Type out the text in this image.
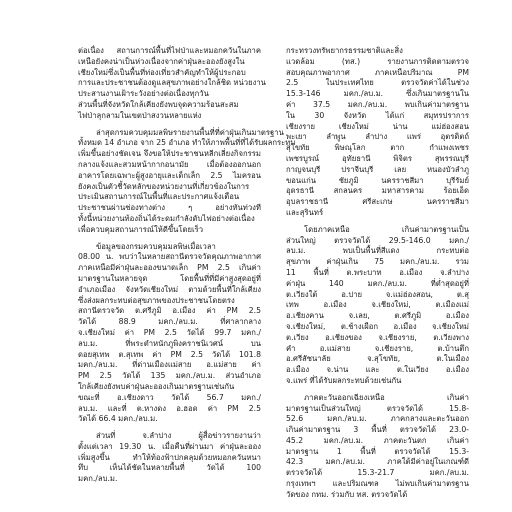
ต่อเนื่อง สถานการณ์พื้นที่ไฟป่าและหมอกควันในภาค
เหนือยังคงน่าเป็นห่วงเนื่องจากค่าฝุ่นละอองยังสูงใน
เชียงใหม่ซึ่งเป็นพื้นที่ท่องเที่ยวสำคัญทำให้ผู้ประกอบ
การและประชาชนต้องดูแลสุขภาพอย่างใกล้ชิด หน่วยงาน
ประสานงานเฝ้าระวังอย่างต่อเนื่องทุกวัน
ส่วนพื้นที่จังหวัดใกล้เคียงยังพบจุดความร้อนสะสม
ไฟป่าลุกลามในเขตป่าสงวนหลายแห่ง
ล่าสุดกรมควบคุมมลพิษรายงานพื้นที่ที่ค่าฝุ่นเกินมาตรฐาน
ทั้งหมด 14 อำเภอ จาก 25 อำเภอ ทำให้ภาพพื้นที่ที่ได้รับผลกระทบ
เพิ่มขึ้นอย่างชัดเจน จึงขอให้ประชาชนหลีกเลี่ยงกิจกรรม
กลางแจ้งและสวมหน้ากากอนามัย เมื่อต้องออกนอก
อาคารโดยเฉพาะผู้สูงอายุและเด็กเล็ก 2.5 ไมครอน
ยังคงเป็นตัวชี้วัดหลักของหน่วยงานที่เกี่ยวข้องในการ
ประเมินสถานการณ์ในพื้นที่และประกาศแจ้งเตือน
ประชาชนผ่านช่องทางต่าง ๆ อย่างทันท่วงที
ทั้งนี้หน่วยงานท้องถิ่นได้ระดมกำลังดับไฟอย่างต่อเนื่อง
เพื่อควบคุมสถานการณ์ให้ดีขึ้นโดยเร็ว
ข้อมูลของกรมควบคุมมลพิษเมื่อเวลา
08.00 น. พบว่าในหลายสถานีตรวจวัดคุณภาพอากาศ
ภาคเหนือมีค่าฝุ่นละอองขนาดเล็ก PM 2.5 เกินค่า
มาตรฐานในหลายจุด โดยพื้นที่ที่มีค่าสูงสุดอยู่ที่
อำเภอเมือง จังหวัดเชียงใหม่ ตามด้วยพื้นที่ใกล้เคียง
ซึ่งส่งผลกระทบต่อสุขภาพของประชาชนโดยตรง
สถานีตรวจวัด ต.ศรีภูมิ อ.เมือง ค่า PM 2.5
วัดได้ 88.9 มคก./ลบ.ม. ที่ศาลากลาง
จ.เชียงใหม่ ค่า PM 2.5 วัดได้ 99.7 มคก./
ลบ.ม. ที่พระตำหนักภูพิงคราชนิเวศน์ บน
ดอยสุเทพ ต.สุเทพ ค่า PM 2.5 วัดได้ 101.8
มคก./ลบ.ม. ที่ด่านเมืองแม่สาย อ.แม่สาย ค่า
PM 2.5 วัดได้ 135 มคก./ลบ.ม. ส่วนอำเภอ
ใกล้เคียงยังพบค่าฝุ่นละอองเกินมาตรฐานเช่นกัน
ขณะที่ อ.เชียงดาว วัดได้ 56.7 มคก./
ลบ.ม. และที่ ต.หางดง อ.ฮอด ค่า PM 2.5
วัดได้ 66.4 มคก./ลบ.ม.
ส่วนที่ จ.ลำปาง ผู้สื่อข่าวรายงานว่า
ตั้งแต่เวลา 19.30 น. เมื่อคืนที่ผ่านมา ค่าฝุ่นละออง
เพิ่มสูงขึ้น ทำให้ท้องฟ้าปกคลุมด้วยหมอกควันหนา
ทึบ เห็นได้ชัดในหลายพื้นที่ วัดได้ 100
มคก./ลบ.ม.
กระทรวงทรัพยากรธรรมชาติและสิ่ง
แวดล้อม (ทส.) รายงานการติดตามตรวจ
สอบคุณภาพอากาศ ภาคเหนือปริมาณ PM
2.5 ในประเทศไทย ตรวจวัดค่าได้ในช่วง
15.3-146 มคก./ลบ.ม. ซึ่งเกินมาตรฐานใน
ค่า 37.5 มคก./ลบ.ม. พบเกินค่ามาตรฐาน
ใน 30 จังหวัด ได้แก่ สมุทรปราการ
เชียงราย เชียงใหม่ น่าน แม่ฮ่องสอน
พะเยา ลำพูน ลำปาง แพร่ อุตรดิตถ์
สุโขทัย พิษณุโลก ตาก กำแพงเพชร
เพชรบูรณ์ อุทัยธานี พิจิตร สุพรรณบุรี
กาญจนบุรี ปราจีนบุรี เลย หนองบัวลำภู
ขอนแก่น ชัยภูมิ นครราชสีมา บุรีรัมย์
อุดรธานี สกลนคร มหาสารคาม ร้อยเอ็ด
อุบลราชธานี ศรีสะเกษ นครราชสีมา
และสุรินทร์
โดยภาคเหนือ เกินค่ามาตรฐานเป็น
ส่วนใหญ่ ตรวจวัดได้ 29.5-146.0 มคก./
ลบ.ม. พบเป็นพื้นที่สีแดง กระทบต่อ
สุขภาพ ค่าฝุ่นเกิน 75 มคก./ลบ.ม. รวม
11 พื้นที่ ต.พระบาท อ.เมือง จ.ลำปาง
ค่าฝุ่น 140 มคก./ลบ.ม. ที่ต่ำสุดอยู่ที่
ต.เวียงใต้ อ.ปาย จ.แม่ฮ่องสอน, ต.สุ
เทพ อ.เมือง จ.เชียงใหม่, ต.เมืองแม่
อ.เชียงคาน จ.เลย, ต.ศรีภูมิ อ.เมือง
จ.เชียงใหม่, ต.ช้างเผือก อ.เมือง จ.เชียงใหม่
ต.เวียง อ.เชียงของ จ.เชียงราย, ต.เวียงพาง
คำ อ.แม่สาย จ.เชียงราย, ต.บ้านตึก
อ.ศรีสัชนาลัย จ.สุโขทัย, ต.ในเมือง
อ.เมือง จ.น่าน และ ต.ในเวียง อ.เมือง
จ.แพร่ ที่ได้รับผลกระทบด้วยเช่นกัน
ภาคตะวันออกเฉียงเหนือ เกินค่า
มาตรฐานเป็นส่วนใหญ่ ตรวจวัดได้ 15.8-
52.6 มคก./ลบ.ม. ภาคกลางและตะวันออก
เกินค่ามาตรฐาน 3 พื้นที่ ตรวจวัดได้ 23.0-
45.2 มคก./ลบ.ม. ภาคตะวันตก เกินค่า
มาตรฐาน 1 พื้นที่ ตรวจวัดได้ 15.3-
42.3 มคก./ลบ.ม. ภาคใต้มีค่าอยู่ในเกณฑ์ดี
ตรวจวัดได้ 15.3-21.7 มคก./ลบ.ม.
กรุงเทพฯ และปริมณฑล ไม่พบเกินค่ามาตรฐาน
วัดของ กทม. ร่วมกับ ทส. ตรวจวัดได้
